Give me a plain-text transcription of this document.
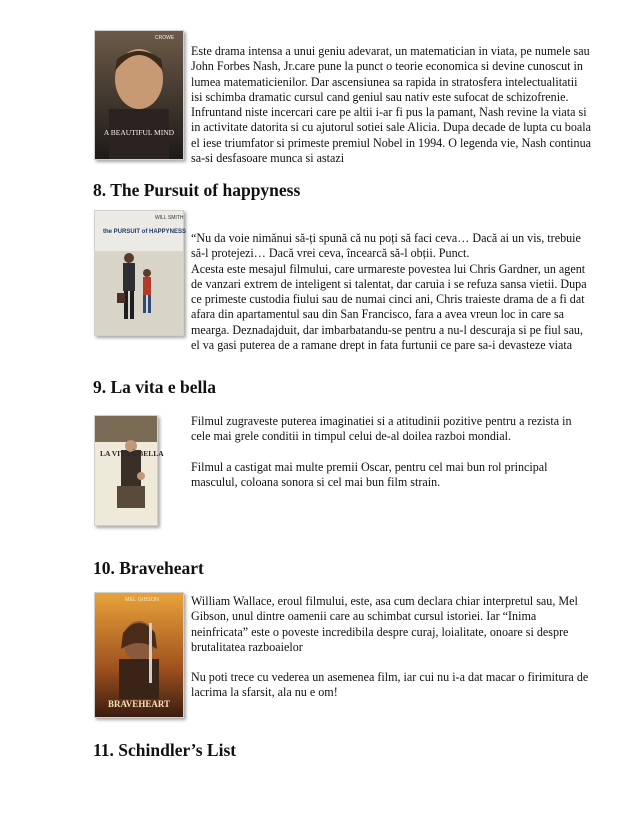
CROWE
A BEAUTIFUL MIND

Este drama intensa a unui geniu adevarat, un matematician in viata, pe numele sau John Forbes Nash, Jr.care pune la punct o teorie economica si devine cunoscut in lumea matematicienilor. Dar ascensiunea sa rapida in stratosfera intelectualitatii isi schimba dramatic cursul cand geniul sau nativ este sufocat de schizofrenie. Infruntand niste incercari care pe altii i-ar fi pus la pamant, Nash revine la viata si in activitate datorita si cu ajutorul sotiei sale Alicia. Dupa decade de lupta cu boala el iese triumfator si primeste premiul Nobel in 1994. O legenda vie, Nash continua sa-si desfasoare munca si astazi

8. The Pursuit of happyness
WILL SMITH
the PURSUIT of HAPPYNESS “Nu da voie nimănui să-ți spună că nu poți să faci ceva… Dacă ai un vis, trebuie să-l protejezi… Dacă vrei ceva, încearcă să-l obții. Punct.

Acesta este mesajul filmului, care urmareste povestea lui Chris Gardner, un agent de vanzari extrem de inteligent si talentat, dar caruia i se refuza sansa vietii. Dupa ce primeste custodia fiului sau de numai cinci ani, Chris traieste drama de a fi dat afara din apartamentul sau din San Francisco, fara a avea vreun loc in care sa mearga. Deznadajduit, dar imbarbatandu-se pentru a nu-l descuraja si pe fiul sau, el va gasi puterea de a ramane drept in fata furtunii ce pare sa-i devasteze viata

9. La vita e bella
LA VITA È BELLA

Filmul zugraveste puterea imaginatiei si a atitudinii pozitive pentru a rezista in cele mai grele conditii in timpul celui de-al doilea razboi mondial.

Filmul a castigat mai multe premii Oscar, pentru cel mai bun rol principal masculul, coloana sonora si cel mai bun film strain.

10. Braveheart
MEL GIBSON
BRAVEHEART

William Wallace, eroul filmului, este, asa cum declara chiar interpretul sau, Mel Gibson, unul dintre oamenii care au schimbat cursul istoriei. Iar “Inima neinfricata” este o poveste incredibila despre curaj, loialitate, onoare si despre brutalitatea razboaielor

Nu poti trece cu vederea un asemenea film, iar cui nu i-a dat macar o firimitura de lacrima la sfarsit, ala nu e om!

11. Schindler’s List
